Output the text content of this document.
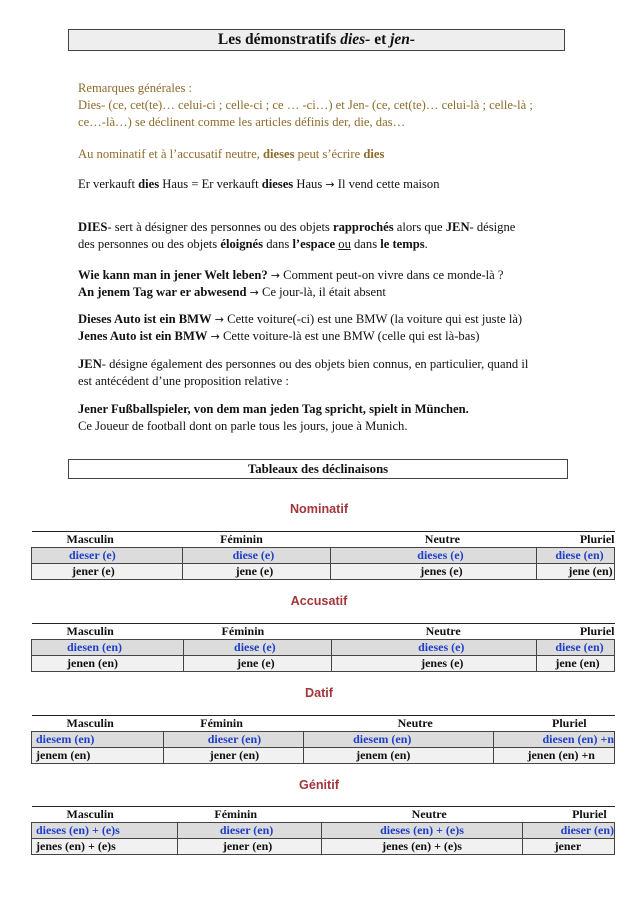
Les démonstratifs dies- et jen-
Remarques générales :
Dies- (ce, cet(te)… celui-ci ; celle-ci ; ce … -ci…) et Jen- (ce, cet(te)… celui-là ; celle-là ;
ce…-là…) se déclinent comme les articles définis der, die, das…
Au nominatif et à l’accusatif neutre, dieses peut s’écrire dies
Er verkauft dies Haus = Er verkauft dieses Haus → Il vend cette maison
DIES- sert à désigner des personnes ou des objets rapprochés alors que JEN- désigne
des personnes ou des objets éloignés dans l’espace ou dans le temps.
Wie kann man in jener Welt leben? → Comment peut-on vivre dans ce monde-là ?
An jenem Tag war er abwesend → Ce jour-là, il était absent
Dieses Auto ist ein BMW → Cette voiture(-ci) est une BMW (la voiture qui est juste là)
Jenes Auto ist ein BMW → Cette voiture-là est une BMW (celle qui est là-bas)
JEN- désigne également des personnes ou des objets bien connus, en particulier, quand il
est antécédent d’une proposition relative :
Jener Fußballspieler, von dem man jeden Tag spricht, spielt in München.
Ce Joueur de football dont on parle tous les jours, joue à Munich.
Tableaux des déclinaisons
Nominatif
Masculin	Féminin	Neutre	Pluriel
dieser (e)	diese (e)	dieses (e)	diese (en)
jener (e)	jene (e)	jenes (e)	jene (en)
Accusatif
Masculin	Féminin	Neutre	Pluriel
diesen (en)	diese (e)	dieses (e)	diese (en)
jenen (en)	jene (e)	jenes (e)	jene (en)
Datif
Masculin	Féminin	Neutre	Pluriel
diesem (en)	dieser (en)	diesem (en)	diesen (en) +n
jenem (en)	jener (en)	jenem (en)	jenen (en) +n
Génitif
Masculin	Féminin	Neutre	Pluriel
dieses (en) + (e)s	dieser (en)	dieses (en) + (e)s	dieser (en)
jenes (en) + (e)s	jener (en)	jenes (en) + (e)s	jener
